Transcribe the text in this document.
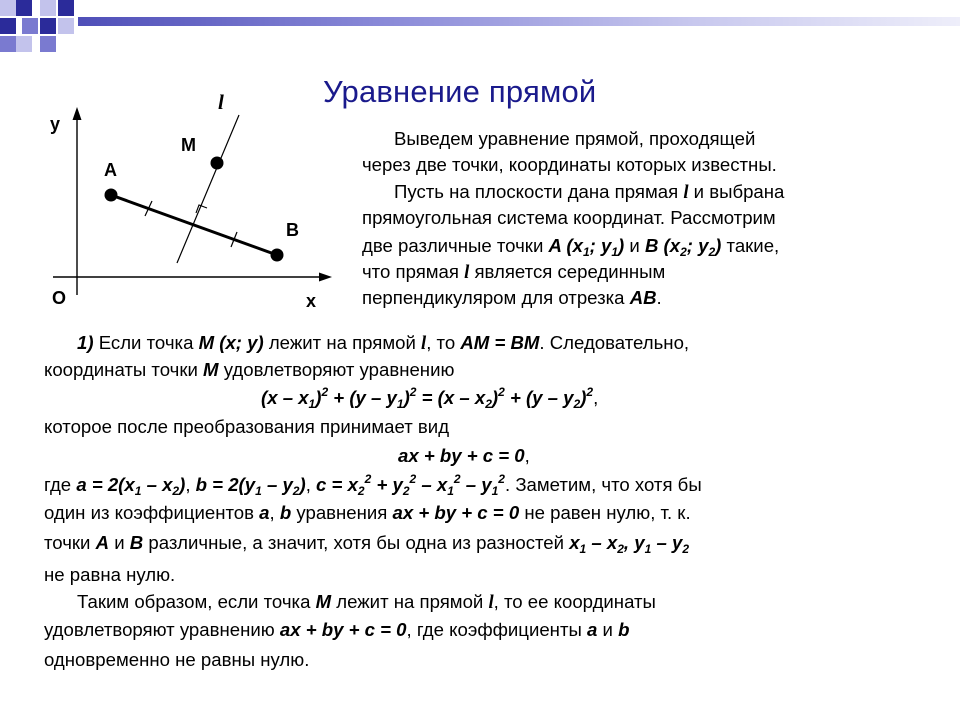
Уравнение прямой
y
x
O
A
B
M
l
Выведем уравнение прямой, проходящей
через две точки, координаты которых известны.
Пусть на плоскости дана прямая l и выбрана
прямоугольная система координат. Рассмотрим
две различные точки A ($x_1$; $y_1$) и B ($x_2$; $y_2$) такие,
что прямая l является серединным
перпендикуляром для отрезка AB.
1) Если точка M (x; y) лежит на прямой l, то AM = BM. Следовательно,
координаты точки M удовлетворяют уравнению
$(x - x_1)^2 + (y - y_1)^2 = (x - x_2)^2 + (y - y_2)^2$,
которое после преобразования принимает вид
ax + by + c = 0,
где $a = 2(x_1 - x_2)$, $b = 2(y_1 - y_2)$, $c = x_2^2 + y_2^2 - x_1^2 - y_1^2$. Заметим, что хотя бы
один из коэффициентов a, b уравнения ax + by + c = 0 не равен нулю, т. к.
точки A и B различные, а значит, хотя бы одна из разностей $x_1 - x_2$, $y_1 - y_2$
не равна нулю.
Таким образом, если точка M лежит на прямой l, то ее координаты
удовлетворяют уравнению ax + by + c = 0, где коэффициенты a и b
одновременно не равны нулю.
